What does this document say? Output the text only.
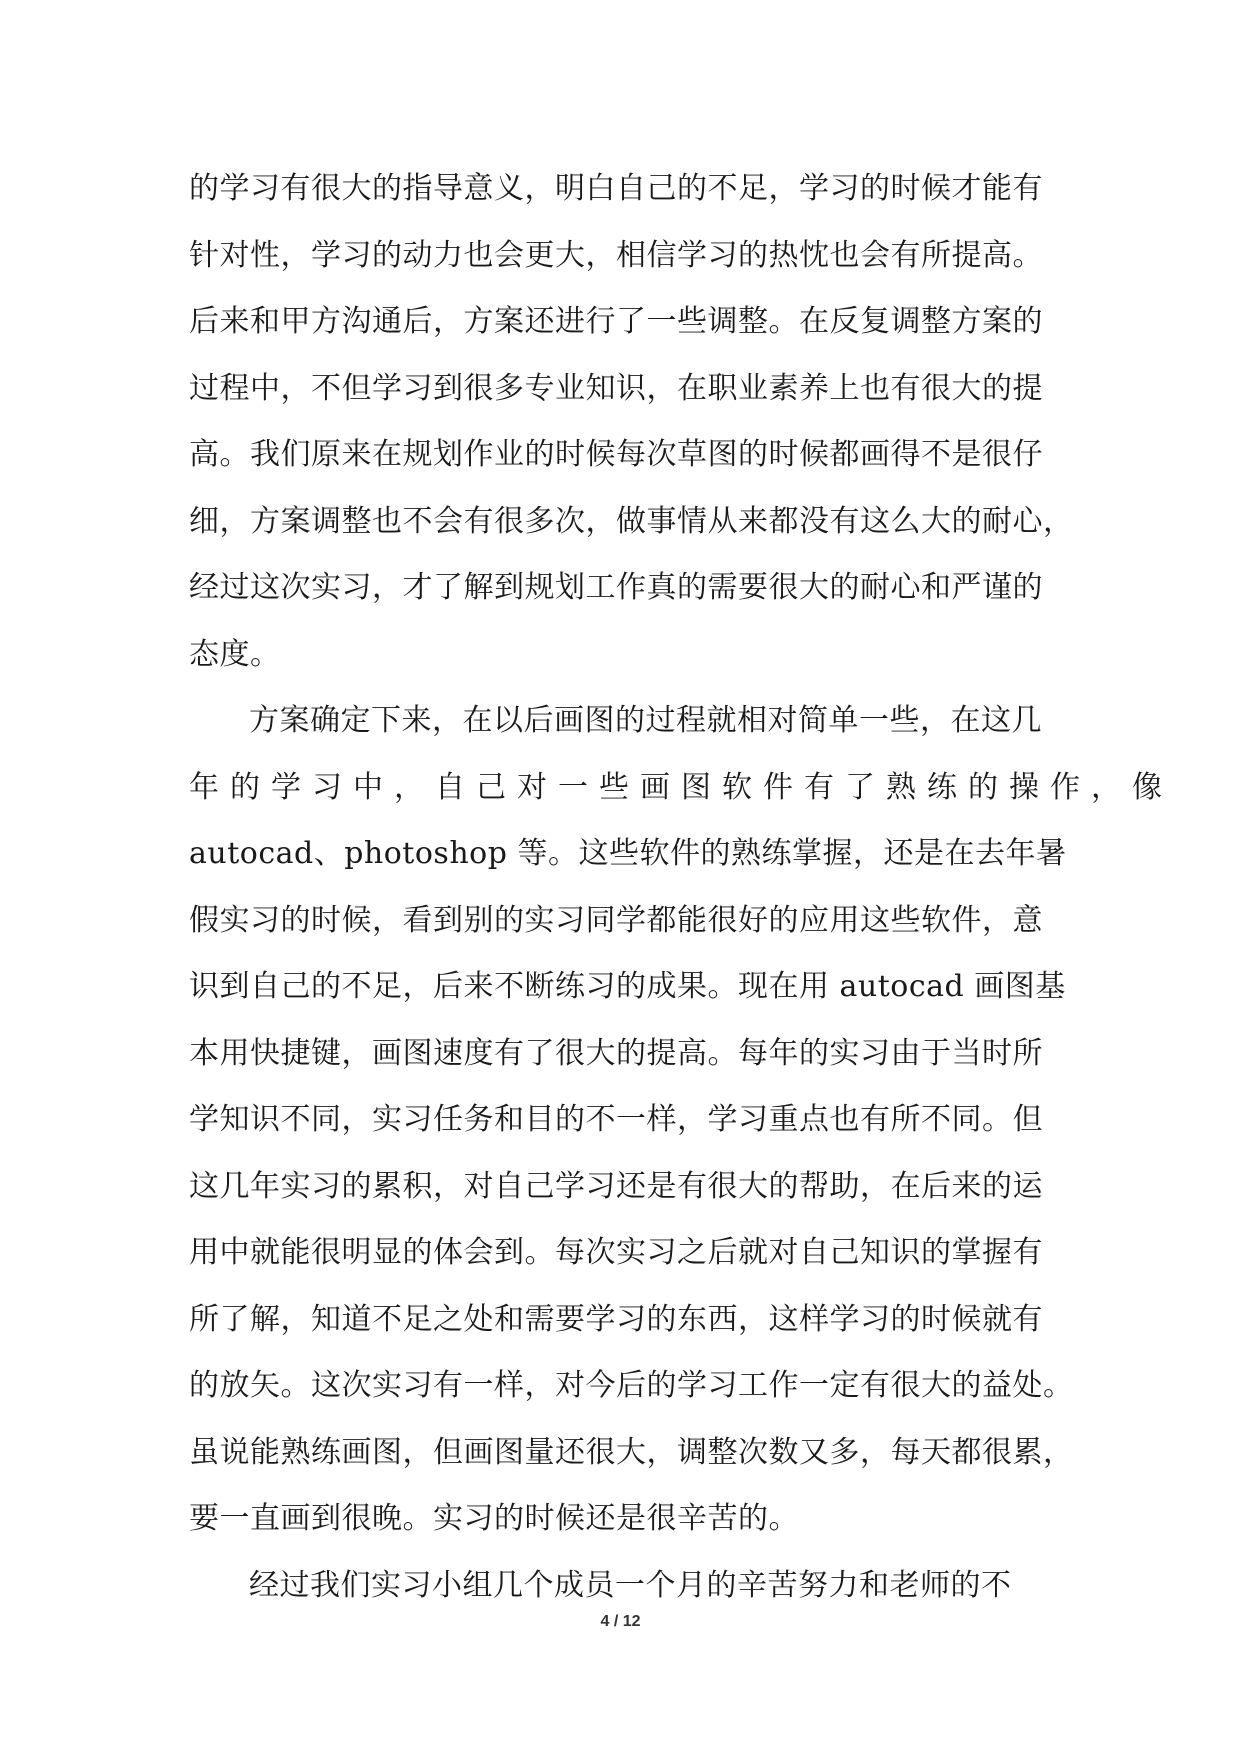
的学习有很大的指导意义，明白自己的不足，学习的时候才能有
针对性，学习的动力也会更大，相信学习的热忱也会有所提高。
后来和甲方沟通后，方案还进行了一些调整。在反复调整方案的
过程中，不但学习到很多专业知识，在职业素养上也有很大的提
高。我们原来在规划作业的时候每次草图的时候都画得不是很仔
细，方案调整也不会有很多次，做事情从来都没有这么大的耐心，
经过这次实习，才了解到规划工作真的需要很大的耐心和严谨的
态度。
方案确定下来，在以后画图的过程就相对简单一些，在这几
年的学习中，自己对一些画图软件有了熟练的操作，像
autocad、photoshop 等。这些软件的熟练掌握，还是在去年暑
假实习的时候，看到别的实习同学都能很好的应用这些软件，意
识到自己的不足，后来不断练习的成果。现在用 autocad 画图基
本用快捷键，画图速度有了很大的提高。每年的实习由于当时所
学知识不同，实习任务和目的不一样，学习重点也有所不同。但
这几年实习的累积，对自己学习还是有很大的帮助，在后来的运
用中就能很明显的体会到。每次实习之后就对自己知识的掌握有
所了解，知道不足之处和需要学习的东西，这样学习的时候就有
的放矢。这次实习有一样，对今后的学习工作一定有很大的益处。
虽说能熟练画图，但画图量还很大，调整次数又多，每天都很累，
要一直画到很晚。实习的时候还是很辛苦的。
经过我们实习小组几个成员一个月的辛苦努力和老师的不
4 / 12
